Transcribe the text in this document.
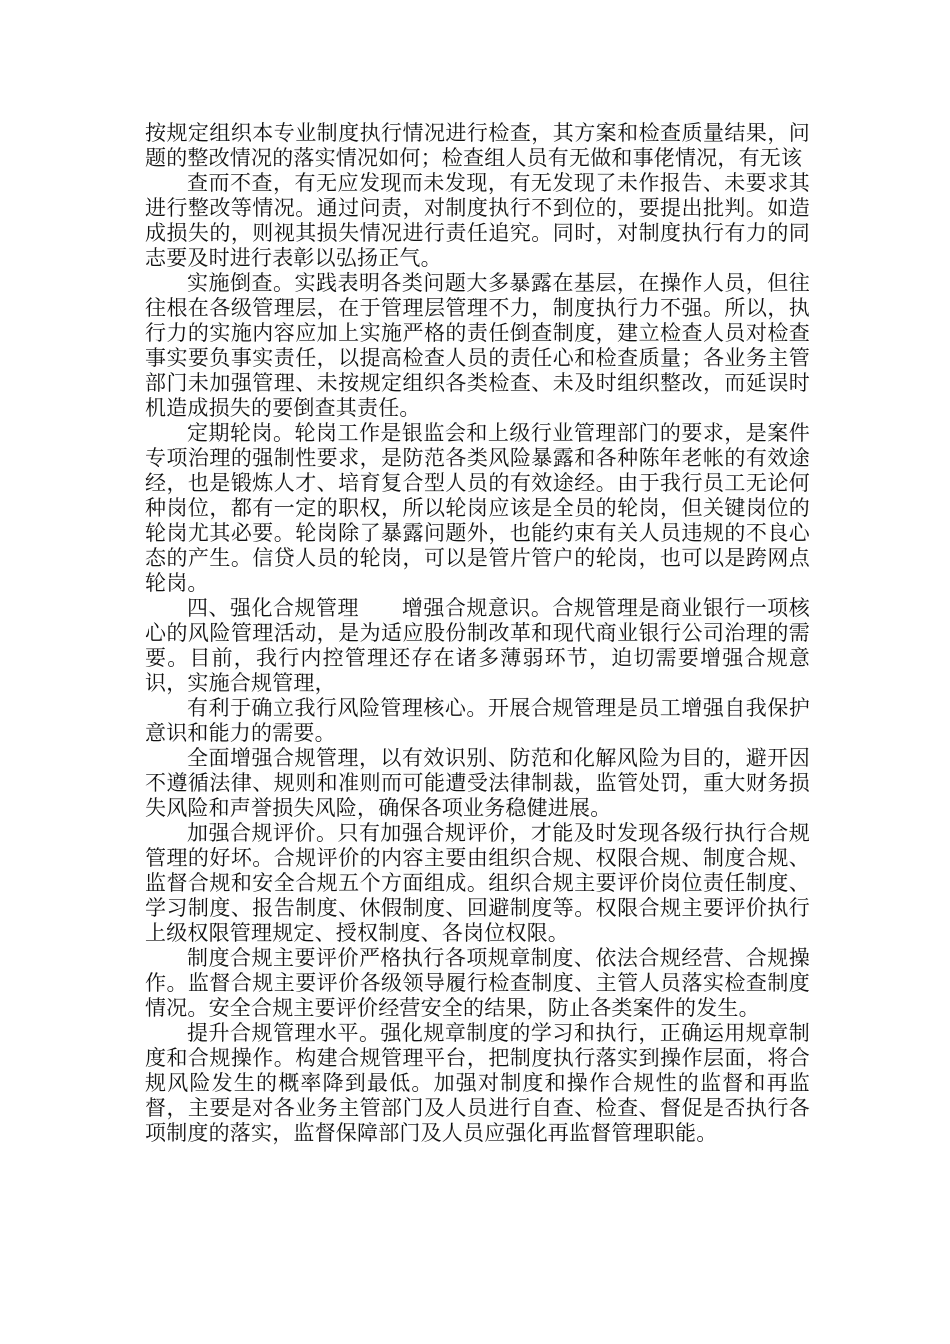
按规定组织本专业制度执行情况进行检查，其方案和检查质量结果，问题的整改情况的落实情况如何；检查组人员有无做和事佬情况，有无该

查而不查，有无应发现而未发现，有无发现了未作报告、未要求其进行整改等情况。通过问责，对制度执行不到位的，要提出批判。如造成损失的，则视其损失情况进行责任追究。同时，对制度执行有力的同志要及时进行表彰以弘扬正气。

实施倒查。实践表明各类问题大多暴露在基层，在操作人员，但往往根在各级管理层，在于管理层管理不力，制度执行力不强。所以，执行力的实施内容应加上实施严格的责任倒查制度，建立检查人员对检查事实要负事实责任，以提高检查人员的责任心和检查质量；各业务主管部门未加强管理、未按规定组织各类检查、未及时组织整改，而延误时机造成损失的要倒查其责任。

定期轮岗。轮岗工作是银监会和上级行业管理部门的要求，是案件专项治理的强制性要求，是防范各类风险暴露和各种陈年老帐的有效途经，也是锻炼人才、培育复合型人员的有效途经。由于我行员工无论何种岗位，都有一定的职权，所以轮岗应该是全员的轮岗，但关键岗位的轮岗尤其必要。轮岗除了暴露问题外，也能约束有关人员违规的不良心态的产生。信贷人员的轮岗，可以是管片管户的轮岗，也可以是跨网点轮岗。

四、强化合规管理　　增强合规意识。合规管理是商业银行一项核心的风险管理活动，是为适应股份制改革和现代商业银行公司治理的需要。目前，我行内控管理还存在诸多薄弱环节，迫切需要增强合规意识，实施合规管理，

有利于确立我行风险管理核心。开展合规管理是员工增强自我保护意识和能力的需要。

全面增强合规管理，以有效识别、防范和化解风险为目的，避开因不遵循法律、规则和准则而可能遭受法律制裁，监管处罚，重大财务损失风险和声誉损失风险，确保各项业务稳健进展。

加强合规评价。只有加强合规评价，才能及时发现各级行执行合规管理的好坏。合规评价的内容主要由组织合规、权限合规、制度合规、监督合规和安全合规五个方面组成。组织合规主要评价岗位责任制度、学习制度、报告制度、休假制度、回避制度等。权限合规主要评价执行上级权限管理规定、授权制度、各岗位权限。

制度合规主要评价严格执行各项规章制度、依法合规经营、合规操作。监督合规主要评价各级领导履行检查制度、主管人员落实检查制度情况。安全合规主要评价经营安全的结果，防止各类案件的发生。

提升合规管理水平。强化规章制度的学习和执行，正确运用规章制度和合规操作。构建合规管理平台，把制度执行落实到操作层面，将合规风险发生的概率降到最低。加强对制度和操作合规性的监督和再监督，主要是对各业务主管部门及人员进行自查、检查、督促是否执行各项制度的落实，监督保障部门及人员应强化再监督管理职能。
